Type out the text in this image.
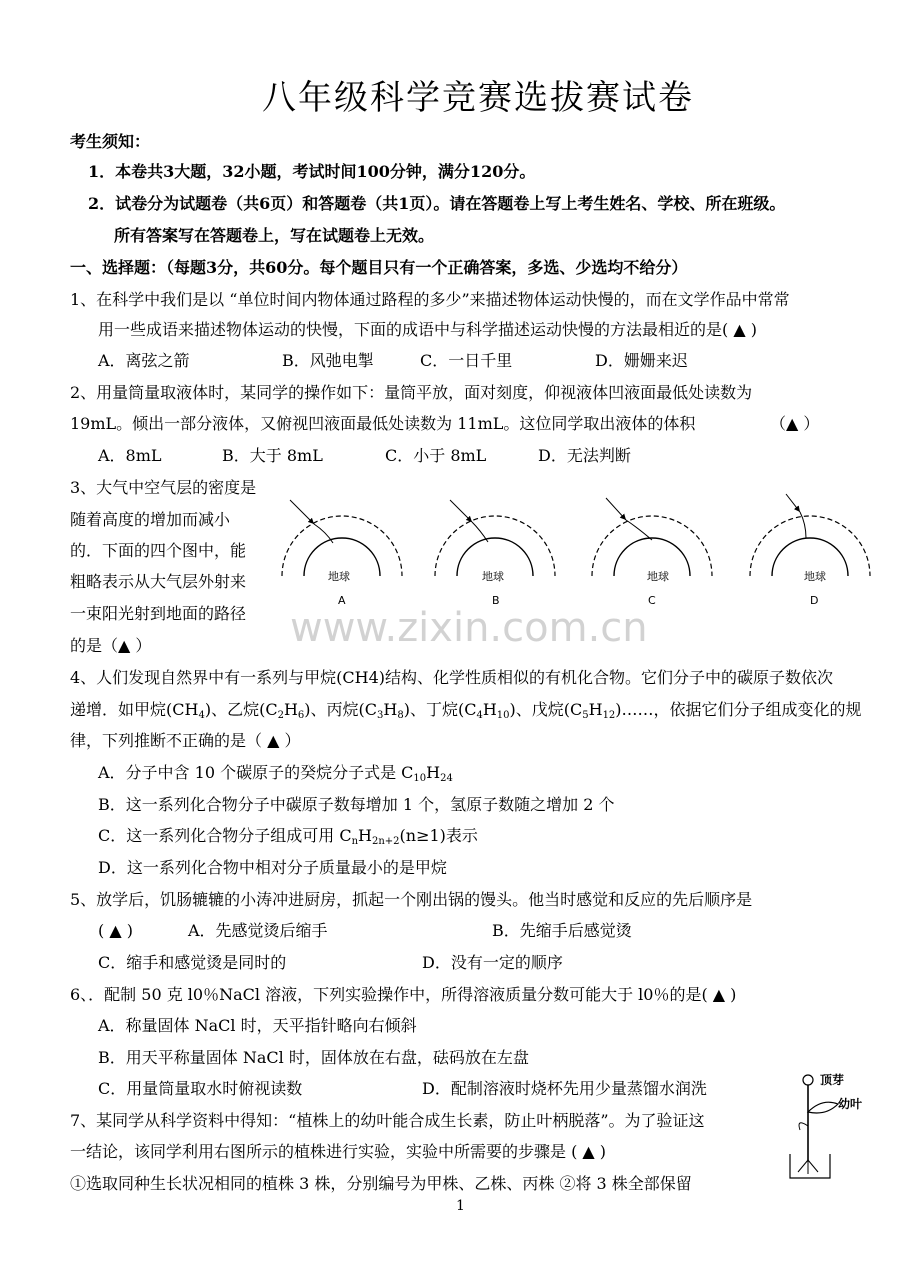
八年级科学竞赛选拔赛试卷
考生须知：
1．本卷共3大题，32小题，考试时间100分钟，满分120分。
2．试卷分为试题卷（共6页）和答题卷（共1页）。请在答题卷上写上考生姓名、学校、所在班级。
所有答案写在答题卷上，写在试题卷上无效。
一、选择题：（每题3分，共60分。每个题目只有一个正确答案，多选、少选均不给分）
1、在科学中我们是以 “单位时间内物体通过路程的多少”来描述物体运动快慢的，而在文学作品中常常
用一些成语来描述物体运动的快慢，下面的成语中与科学描述运动快慢的方法最相近的是( ▲ )
A．离弦之箭	B．风弛电掣	C．一日千里	D．姗姗来迟
2、用量筒量取液体时，某同学的操作如下：量筒平放，面对刻度，仰视液体凹液面最低处读数为
19mL。倾出一部分液体，又俯视凹液面最低处读数为 11mL。这位同学取出液体的体积	（▲ ）
A．8mL	B．大于 8mL	C．小于 8mL	D．无法判断
3、大气中空气层的密度是
随着高度的增加而减小
的．下面的四个图中，能
粗略表示从大气层外射来
一束阳光射到地面的路径
的是（▲ ）
地球
A
地球
B
地球
C
地球
D
www.zixin.com.cn
4、人们发现自然界中有一系列与甲烷(CH4)结构、化学性质相似的有机化合物。它们分子中的碳原子数依次
递增．如甲烷$(CH_4)$、乙烷$(C_2H_6)$、丙烷$(C_3H_8)$、丁烷$(C_4H_{10})$、戊烷$(C_5H_{12})\dots\dots$，依据它们分子组成变化的规
律，下列推断不正确的是（ ▲ ）
A．分子中含 10 个碳原子的癸烷分子式是 $C_{10}H_{24}$
B．这一系列化合物分子中碳原子数每增加 1 个，氢原子数随之增加 2 个
C．这一系列化合物分子组成可用 $C_nH_{2n+2}(n\ge 1)$表示
D．这一系列化合物中相对分子质量最小的是甲烷
5、放学后，饥肠辘辘的小涛冲进厨房，抓起一个刚出锅的馒头。他当时感觉和反应的先后顺序是
( ▲ )	A．先感觉烫后缩手	B．先缩手后感觉烫
C．缩手和感觉烫是同时的	D．没有一定的顺序
6、．配制 50 克 l0％NaCl 溶液，下列实验操作中，所得溶液质量分数可能大于 l0％的是( ▲ )
A．称量固体 NaCl 时，天平指针略向右倾斜
B．用天平称量固体 NaCl 时，固体放在右盘，砝码放在左盘
C．用量筒量取水时俯视读数	D．配制溶液时烧杯先用少量蒸馏水润洗
7、某同学从科学资料中得知：“植株上的幼叶能合成生长素，防止叶柄脱落”。为了验证这
一结论，该同学利用右图所示的植株进行实验，实验中所需要的步骤是 ( ▲ )
①选取同种生长状况相同的植株 3 株，分别编号为甲株、乙株、丙株 ②将 3 株全部保留
顶芽
幼叶
1
